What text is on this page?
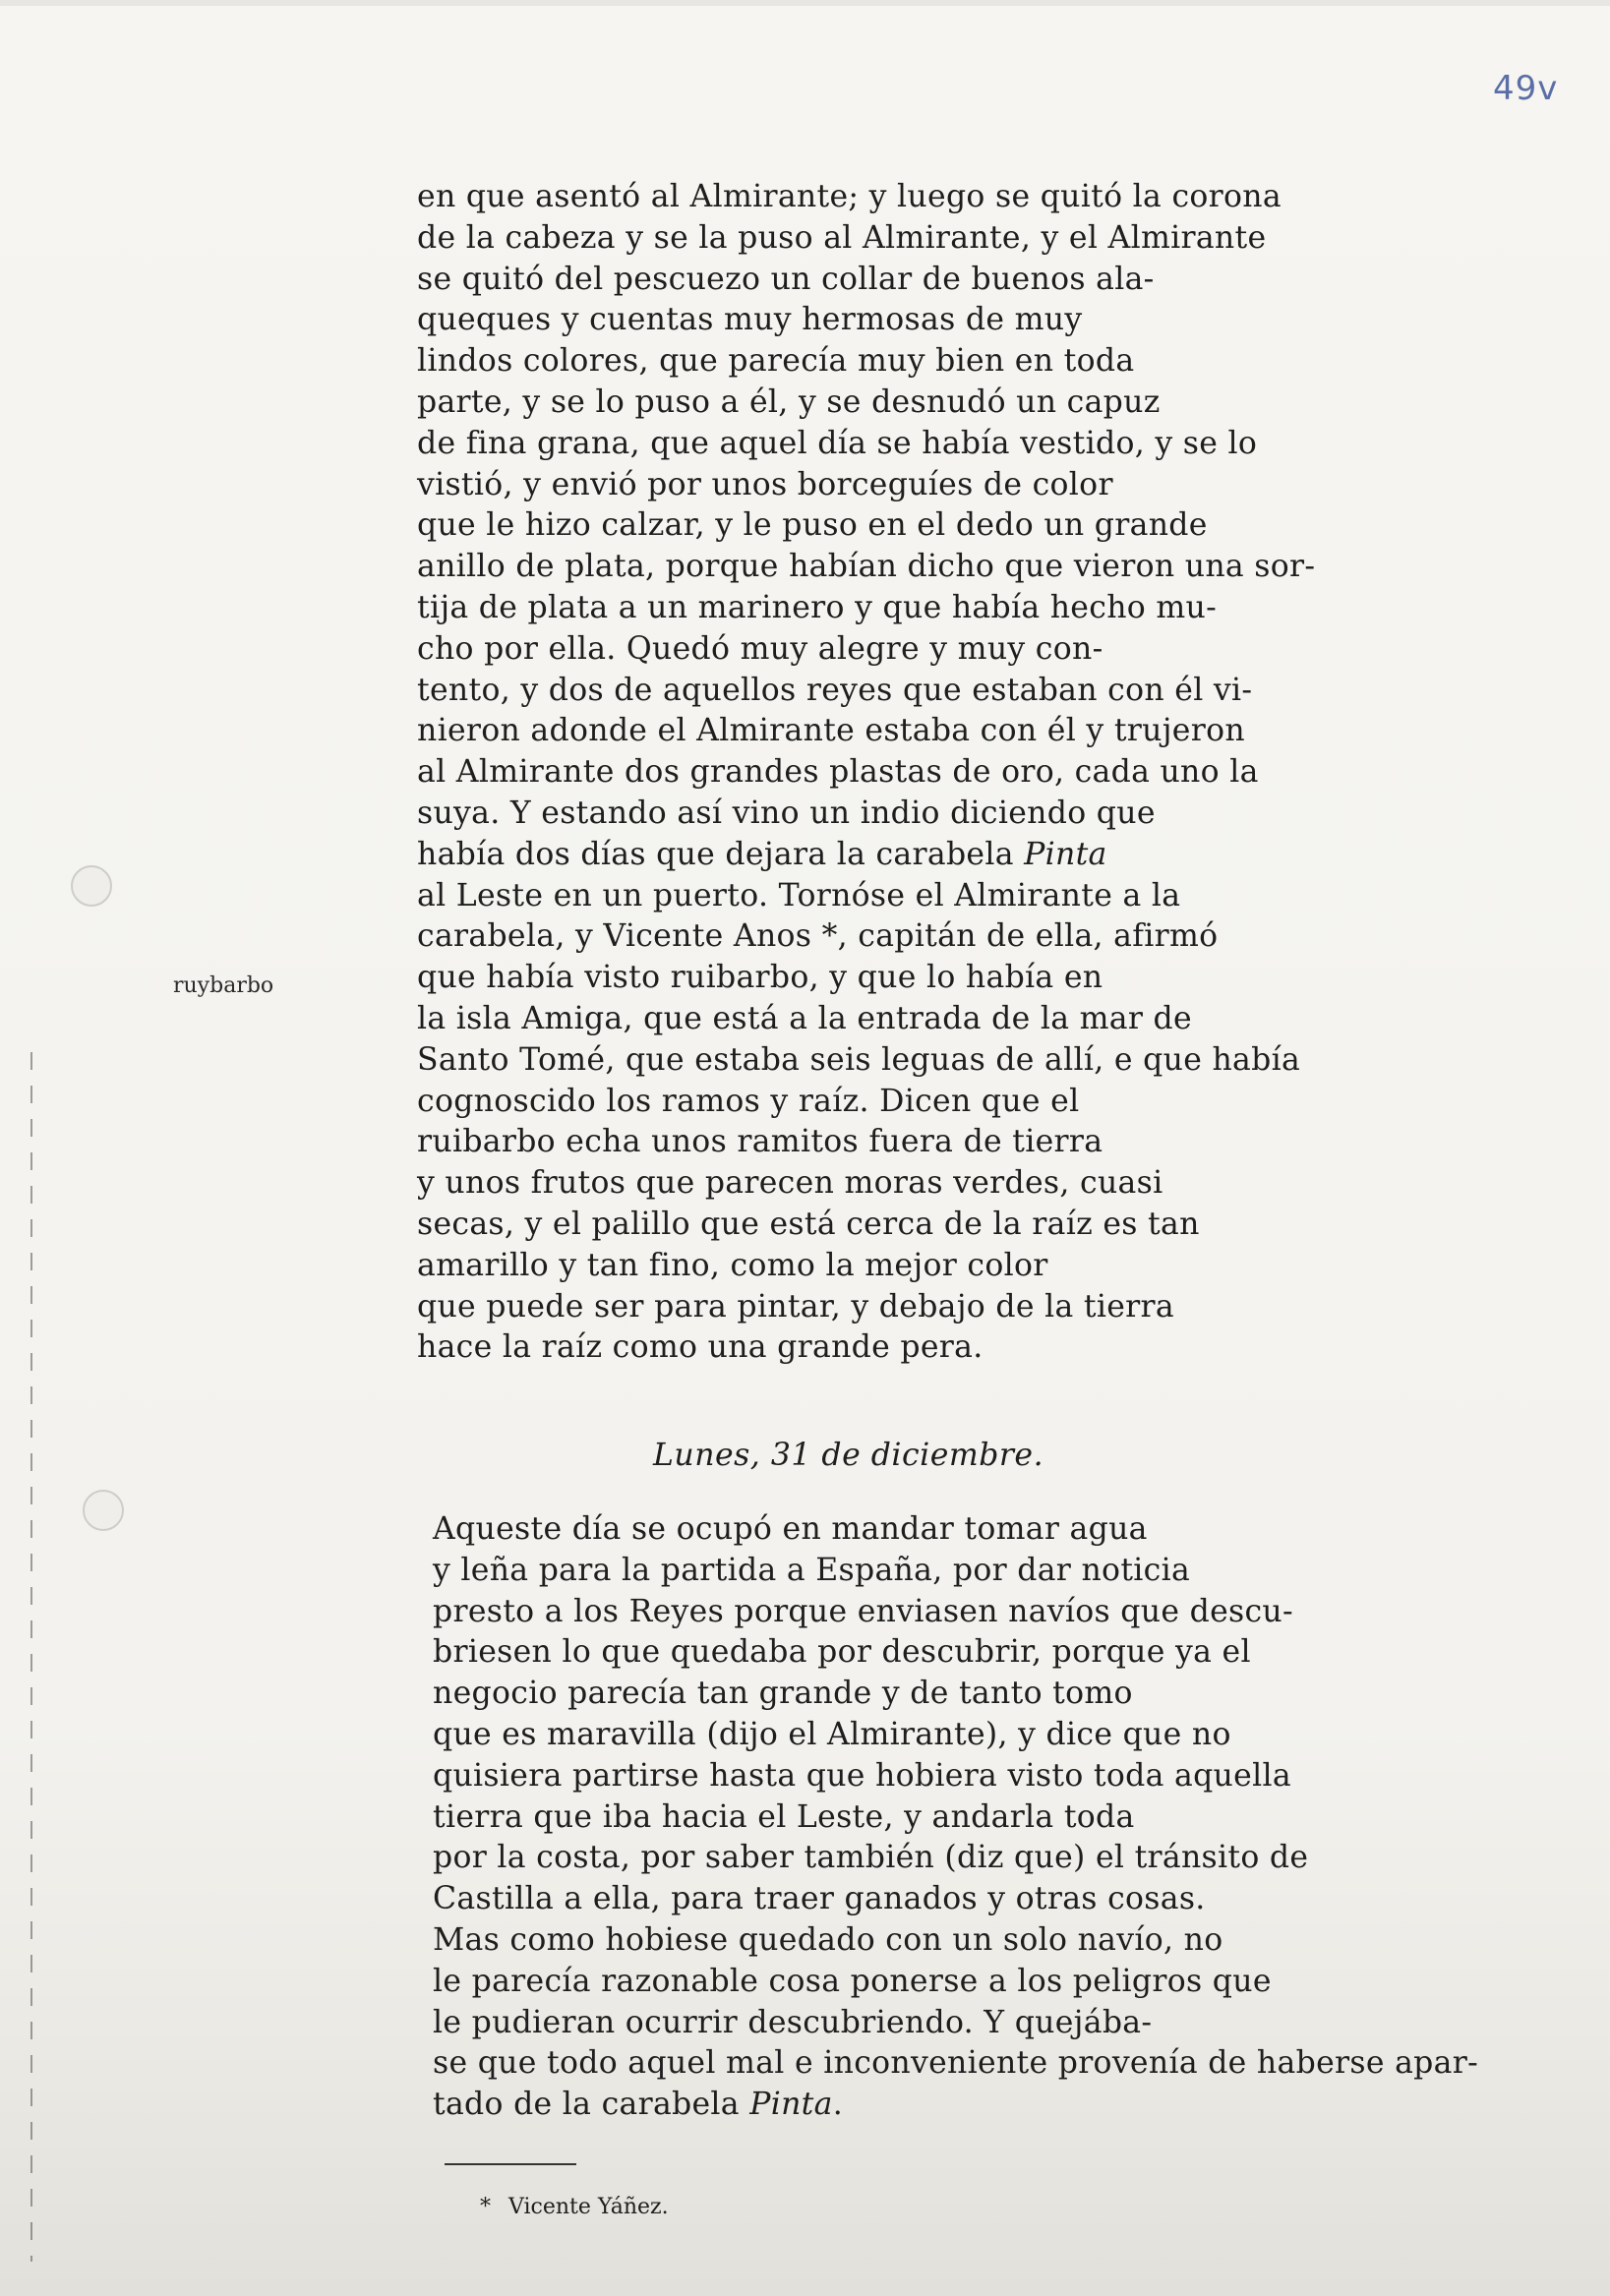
49v
ruybarbo
en que asentó al Almirante; y luego se quitó la corona
de la cabeza y se la puso al Almirante, y el Almirante
se quitó del pescuezo un collar de buenos ala-
queques y cuentas muy hermosas de muy
lindos colores, que parecía muy bien en toda
parte, y se lo puso a él, y se desnudó un capuz
de fina grana, que aquel día se había vestido, y se lo
vistió, y envió por unos borceguíes de color
que le hizo calzar, y le puso en el dedo un grande
anillo de plata, porque habían dicho que vieron una sor-
tija de plata a un marinero y que había hecho mu-
cho por ella. Quedó muy alegre y muy con-
tento, y dos de aquellos reyes que estaban con él vi-
nieron adonde el Almirante estaba con él y trujeron
al Almirante dos grandes plastas de oro, cada uno la
suya. Y estando así vino un indio diciendo que
había dos días que dejara la carabela Pinta
al Leste en un puerto. Tornóse el Almirante a la
carabela, y Vicente Anos *, capitán de ella, afirmó
que había visto ruibarbo, y que lo había en
la isla Amiga, que está a la entrada de la mar de
Santo Tomé, que estaba seis leguas de allí, e que había
cognoscido los ramos y raíz. Dicen que el
ruibarbo echa unos ramitos fuera de tierra
y unos frutos que parecen moras verdes, cuasi
secas, y el palillo que está cerca de la raíz es tan
amarillo y tan fino, como la mejor color
que puede ser para pintar, y debajo de la tierra
hace la raíz como una grande pera.
Lunes, 31 de diciembre.
Aqueste día se ocupó en mandar tomar agua
y leña para la partida a España, por dar noticia
presto a los Reyes porque enviasen navíos que descu-
briesen lo que quedaba por descubrir, porque ya el
negocio parecía tan grande y de tanto tomo
que es maravilla (dijo el Almirante), y dice que no
quisiera partirse hasta que hobiera visto toda aquella
tierra que iba hacia el Leste, y andarla toda
por la costa, por saber también (diz que) el tránsito de
Castilla a ella, para traer ganados y otras cosas.
Mas como hobiese quedado con un solo navío, no
le parecía razonable cosa ponerse a los peligros que
le pudieran ocurrir descubriendo. Y quejába-
se que todo aquel mal e inconveniente provenía de haberse apar-
tado de la carabela Pinta.
* Vicente Yáñez.
